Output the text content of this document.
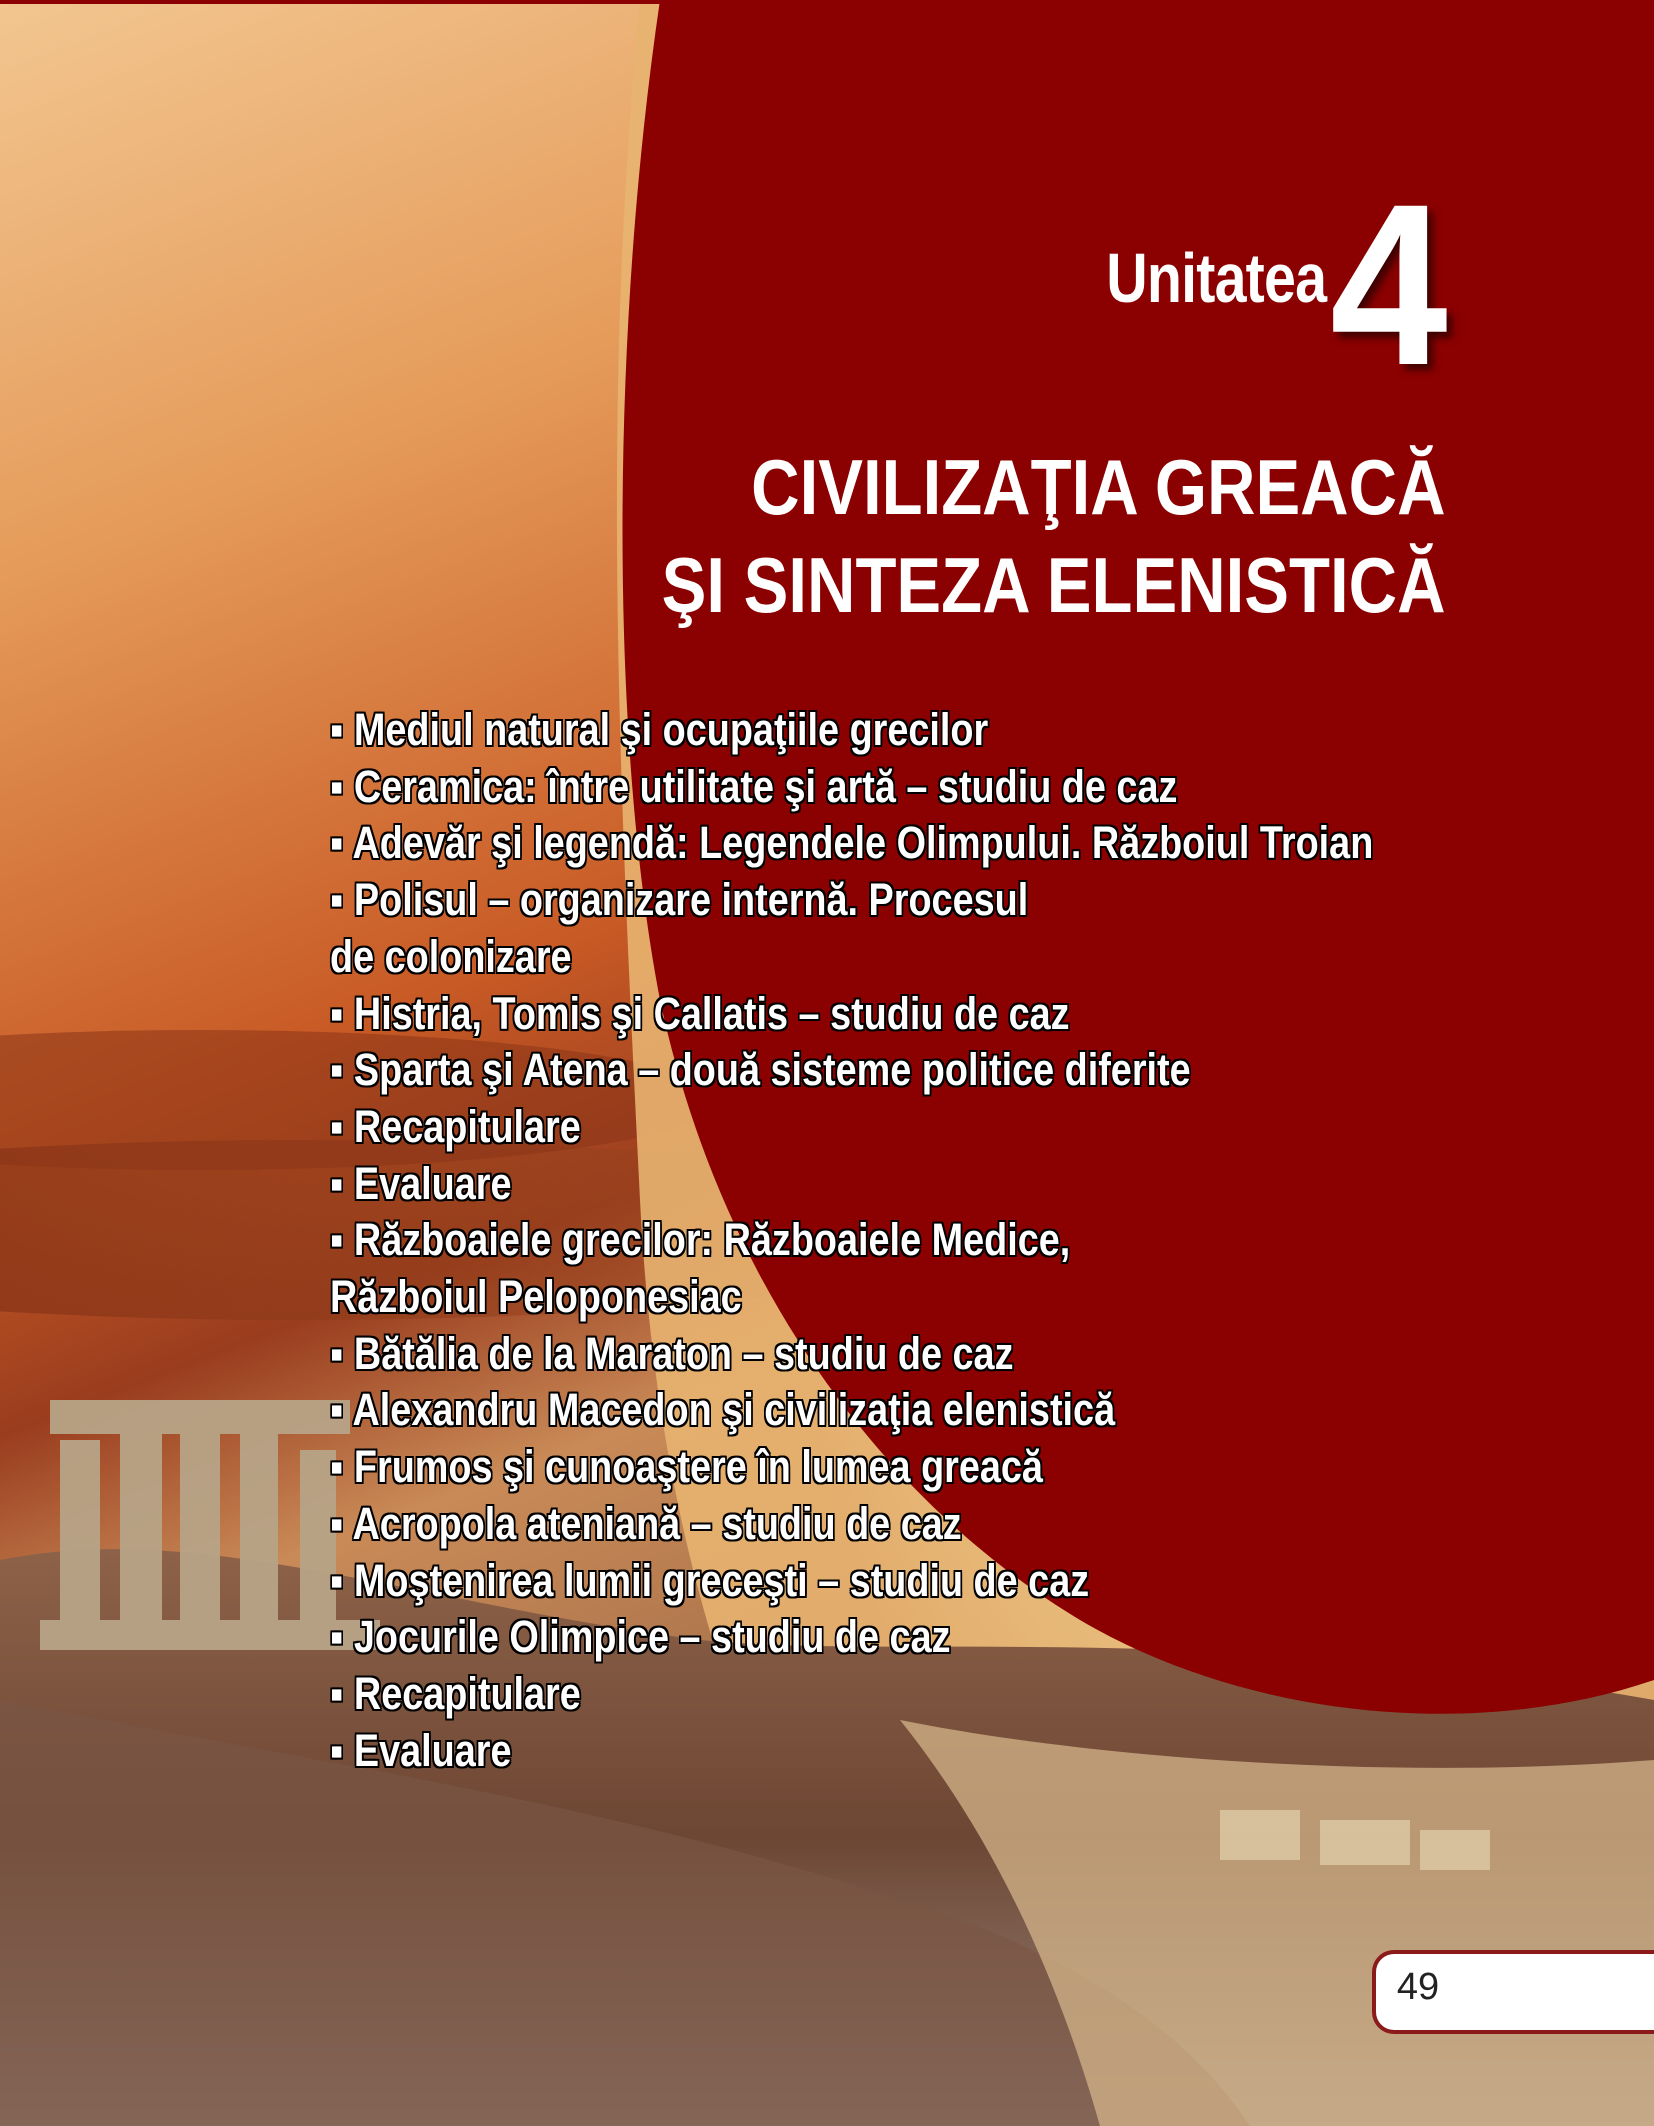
Unitatea 4
CIVILIZAŢIA GREACĂ
ŞI SINTEZA ELENISTICĂ
▪ Mediul natural şi ocupaţiile grecilor
▪ Ceramica: între utilitate şi artă – studiu de caz
▪ Adevăr şi legendă: Legendele Olimpului. Războiul Troian
▪ Polisul – organizare internă. Procesul
de colonizare
▪ Histria, Tomis şi Callatis – studiu de caz
▪ Sparta şi Atena – două sisteme politice diferite
▪ Recapitulare
▪ Evaluare
▪ Războaiele grecilor: Războaiele Medice,
Războiul Peloponesiac
▪ Bătălia de la Maraton – studiu de caz
▪ Alexandru Macedon şi civilizaţia elenistică
▪ Frumos şi cunoaştere în lumea greacă
▪ Acropola ateniană – studiu de caz
▪ Moştenirea lumii greceşti – studiu de caz
▪ Jocurile Olimpice – studiu de caz
▪ Recapitulare
▪ Evaluare
49
